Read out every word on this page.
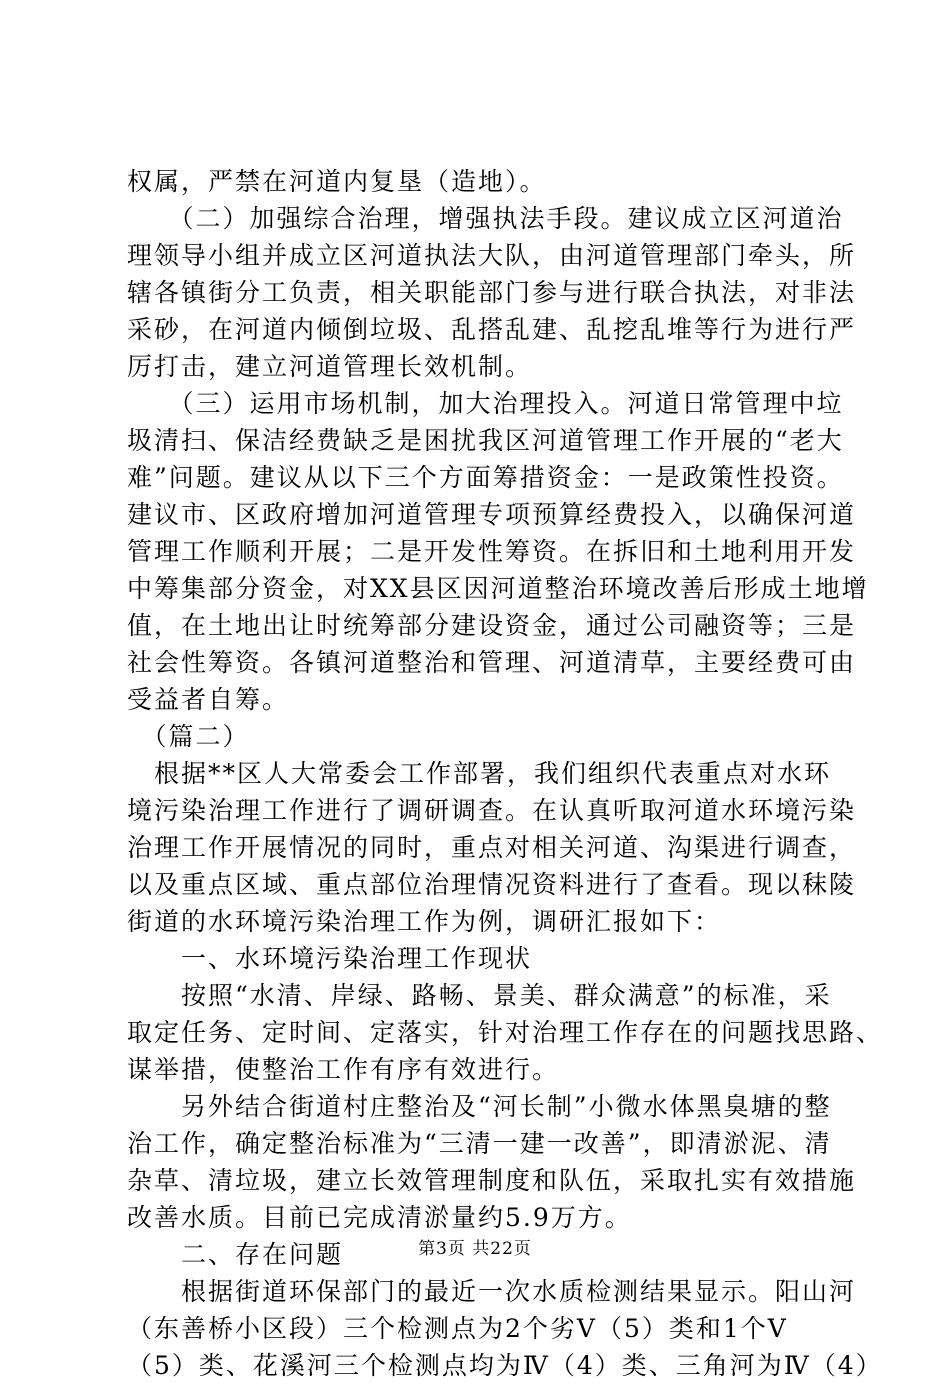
权属，严禁在河道内复垦（造地）。
　　（二）加强综合治理，增强执法手段。建议成立区河道治
理领导小组并成立区河道执法大队，由河道管理部门牵头，所
辖各镇街分工负责，相关职能部门参与进行联合执法，对非法
采砂，在河道内倾倒垃圾、乱搭乱建、乱挖乱堆等行为进行严
厉打击，建立河道管理长效机制。
　　（三）运用市场机制，加大治理投入。河道日常管理中垃
圾清扫、保洁经费缺乏是困扰我区河道管理工作开展的“老大
难”问题。建议从以下三个方面筹措资金：一是政策性投资。
建议市、区政府增加河道管理专项预算经费投入，以确保河道
管理工作顺利开展；二是开发性筹资。在拆旧和土地利用开发
中筹集部分资金，对XX县区因河道整治环境改善后形成土地增
值，在土地出让时统筹部分建设资金，通过公司融资等；三是
社会性筹资。各镇河道整治和管理、河道清草，主要经费可由
受益者自筹。
　（篇二）
　根据**区人大常委会工作部署，我们组织代表重点对水环
境污染治理工作进行了调研调查。在认真听取河道水环境污染
治理工作开展情况的同时，重点对相关河道、沟渠进行调查，
以及重点区域、重点部位治理情况资料进行了查看。现以秣陵
街道的水环境污染治理工作为例，调研汇报如下：
　　一、水环境污染治理工作现状
　　按照“水清、岸绿、路畅、景美、群众满意”的标准，采
取定任务、定时间、定落实，针对治理工作存在的问题找思路、
谋举措，使整治工作有序有效进行。
　　另外结合街道村庄整治及“河长制”小微水体黑臭塘的整
治工作，确定整治标准为“三清一建一改善”，即清淤泥、清
杂草、清垃圾，建立长效管理制度和队伍，采取扎实有效措施
改善水质。目前已完成清淤量约5.9万方。
　　二、存在问题
　　根据街道环保部门的最近一次水质检测结果显示。阳山河
（东善桥小区段）三个检测点为2个劣Ⅴ（5）类和1个Ⅴ
（5）类、花溪河三个检测点均为Ⅳ（4）类、三角河为Ⅳ（4）
第3页 共22页
